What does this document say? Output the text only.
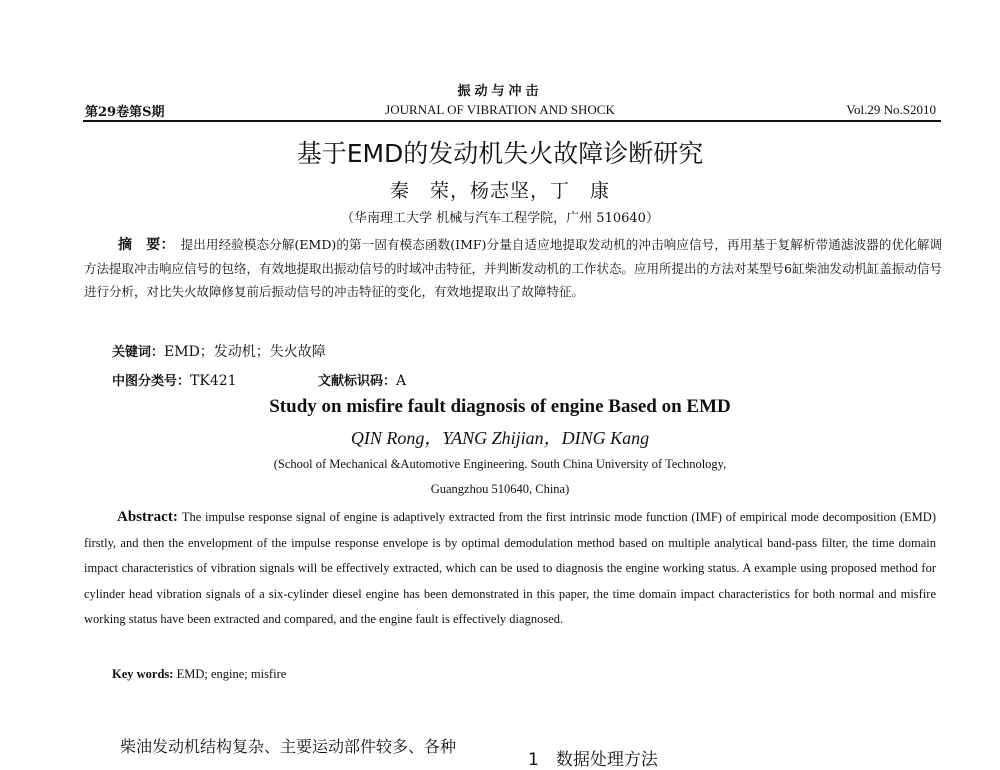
振动与冲击
第29卷第S期	JOURNAL OF VIBRATION AND SHOCK	Vol.29 No.S2010
基于EMD的发动机失火故障诊断研究
秦　荣，杨志坚，丁　康
（华南理工大学 机械与汽车工程学院，广州 510640）
摘　要： 提出用经验模态分解(EMD)的第一固有模态函数(IMF)分量自适应地提取发动机的冲击响应信号，再用基于复解析带通滤波器的优化解调方法提取冲击响应信号的包络，有效地提取出振动信号的时域冲击特征，并判断发动机的工作状态。应用所提出的方法对某型号6缸柴油发动机缸盖振动信号进行分析，对比失火故障修复前后振动信号的冲击特征的变化，有效地提取出了故障特征。
关键词：EMD；发动机；失火故障
中图分类号：TK421	文献标识码：A
Study on misfire fault diagnosis of engine Based on EMD
QIN Rong，YANG Zhijian，DING Kang
(School of Mechanical &Automotive Engineering. South China University of Technology,
Guangzhou 510640, China)
Abstract: The impulse response signal of engine is adaptively extracted from the first intrinsic mode function (IMF) of empirical mode decomposition (EMD) firstly, and then the envelopment of the impulse response envelope is by optimal demodulation method based on multiple analytical band-pass filter, the time domain impact characteristics of vibration signals will be effectively extracted, which can be used to diagnosis the engine working status. A example using proposed method for cylinder head vibration signals of a six-cylinder diesel engine has been demonstrated in this paper, the time domain impact characteristics for both normal and misfire working status have been extracted and compared, and the engine fault is effectively diagnosed.
Key words: EMD; engine; misfire
柴油发动机结构复杂、主要运动部件较多、各种
1　数据处理方法
